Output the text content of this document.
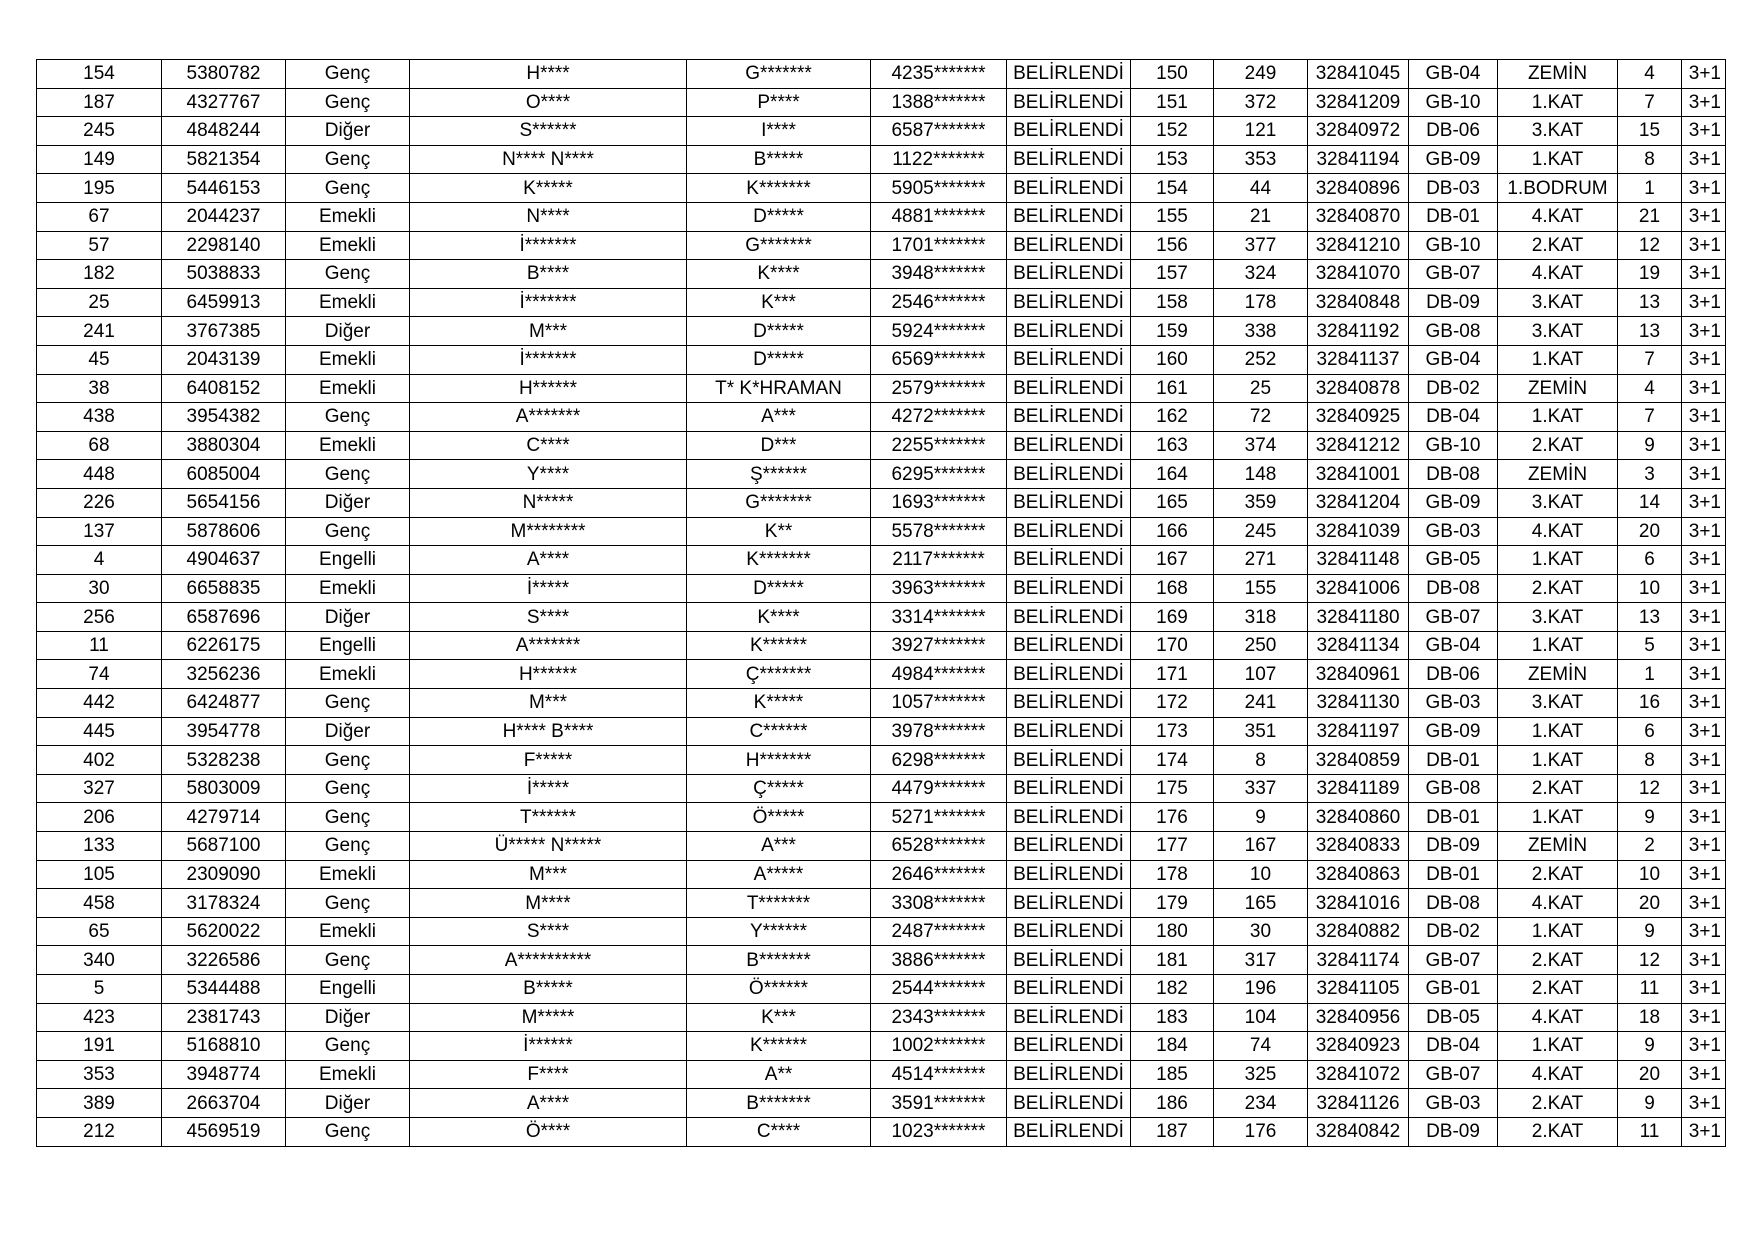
154	5380782	Genç	H****	G*******	4235*******	BELİRLENDİ	150	249	32841045	GB-04	ZEMİN	4	3+1
187	4327767	Genç	O****	P****	1388*******	BELİRLENDİ	151	372	32841209	GB-10	1.KAT	7	3+1
245	4848244	Diğer	S******	I****	6587*******	BELİRLENDİ	152	121	32840972	DB-06	3.KAT	15	3+1
149	5821354	Genç	N**** N****	B*****	1122*******	BELİRLENDİ	153	353	32841194	GB-09	1.KAT	8	3+1
195	5446153	Genç	K*****	K*******	5905*******	BELİRLENDİ	154	44	32840896	DB-03	1.BODRUM	1	3+1
67	2044237	Emekli	N****	D*****	4881*******	BELİRLENDİ	155	21	32840870	DB-01	4.KAT	21	3+1
57	2298140	Emekli	İ*******	G*******	1701*******	BELİRLENDİ	156	377	32841210	GB-10	2.KAT	12	3+1
182	5038833	Genç	B****	K****	3948*******	BELİRLENDİ	157	324	32841070	GB-07	4.KAT	19	3+1
25	6459913	Emekli	İ*******	K***	2546*******	BELİRLENDİ	158	178	32840848	DB-09	3.KAT	13	3+1
241	3767385	Diğer	M***	D*****	5924*******	BELİRLENDİ	159	338	32841192	GB-08	3.KAT	13	3+1
45	2043139	Emekli	İ*******	D*****	6569*******	BELİRLENDİ	160	252	32841137	GB-04	1.KAT	7	3+1
38	6408152	Emekli	H******	T* K*HRAMAN	2579*******	BELİRLENDİ	161	25	32840878	DB-02	ZEMİN	4	3+1
438	3954382	Genç	A*******	A***	4272*******	BELİRLENDİ	162	72	32840925	DB-04	1.KAT	7	3+1
68	3880304	Emekli	C****	D***	2255*******	BELİRLENDİ	163	374	32841212	GB-10	2.KAT	9	3+1
448	6085004	Genç	Y****	Ş******	6295*******	BELİRLENDİ	164	148	32841001	DB-08	ZEMİN	3	3+1
226	5654156	Diğer	N*****	G*******	1693*******	BELİRLENDİ	165	359	32841204	GB-09	3.KAT	14	3+1
137	5878606	Genç	M********	K**	5578*******	BELİRLENDİ	166	245	32841039	GB-03	4.KAT	20	3+1
4	4904637	Engelli	A****	K*******	2117*******	BELİRLENDİ	167	271	32841148	GB-05	1.KAT	6	3+1
30	6658835	Emekli	İ*****	D*****	3963*******	BELİRLENDİ	168	155	32841006	DB-08	2.KAT	10	3+1
256	6587696	Diğer	S****	K****	3314*******	BELİRLENDİ	169	318	32841180	GB-07	3.KAT	13	3+1
11	6226175	Engelli	A*******	K******	3927*******	BELİRLENDİ	170	250	32841134	GB-04	1.KAT	5	3+1
74	3256236	Emekli	H******	Ç*******	4984*******	BELİRLENDİ	171	107	32840961	DB-06	ZEMİN	1	3+1
442	6424877	Genç	M***	K*****	1057*******	BELİRLENDİ	172	241	32841130	GB-03	3.KAT	16	3+1
445	3954778	Diğer	H**** B****	C******	3978*******	BELİRLENDİ	173	351	32841197	GB-09	1.KAT	6	3+1
402	5328238	Genç	F*****	H*******	6298*******	BELİRLENDİ	174	8	32840859	DB-01	1.KAT	8	3+1
327	5803009	Genç	İ*****	Ç*****	4479*******	BELİRLENDİ	175	337	32841189	GB-08	2.KAT	12	3+1
206	4279714	Genç	T******	Ö*****	5271*******	BELİRLENDİ	176	9	32840860	DB-01	1.KAT	9	3+1
133	5687100	Genç	Ü***** N*****	A***	6528*******	BELİRLENDİ	177	167	32840833	DB-09	ZEMİN	2	3+1
105	2309090	Emekli	M***	A*****	2646*******	BELİRLENDİ	178	10	32840863	DB-01	2.KAT	10	3+1
458	3178324	Genç	M****	T*******	3308*******	BELİRLENDİ	179	165	32841016	DB-08	4.KAT	20	3+1
65	5620022	Emekli	S****	Y******	2487*******	BELİRLENDİ	180	30	32840882	DB-02	1.KAT	9	3+1
340	3226586	Genç	A**********	B*******	3886*******	BELİRLENDİ	181	317	32841174	GB-07	2.KAT	12	3+1
5	5344488	Engelli	B*****	Ö******	2544*******	BELİRLENDİ	182	196	32841105	GB-01	2.KAT	11	3+1
423	2381743	Diğer	M*****	K***	2343*******	BELİRLENDİ	183	104	32840956	DB-05	4.KAT	18	3+1
191	5168810	Genç	İ******	K******	1002*******	BELİRLENDİ	184	74	32840923	DB-04	1.KAT	9	3+1
353	3948774	Emekli	F****	A**	4514*******	BELİRLENDİ	185	325	32841072	GB-07	4.KAT	20	3+1
389	2663704	Diğer	A****	B*******	3591*******	BELİRLENDİ	186	234	32841126	GB-03	2.KAT	9	3+1
212	4569519	Genç	Ö****	C****	1023*******	BELİRLENDİ	187	176	32840842	DB-09	2.KAT	11	3+1
